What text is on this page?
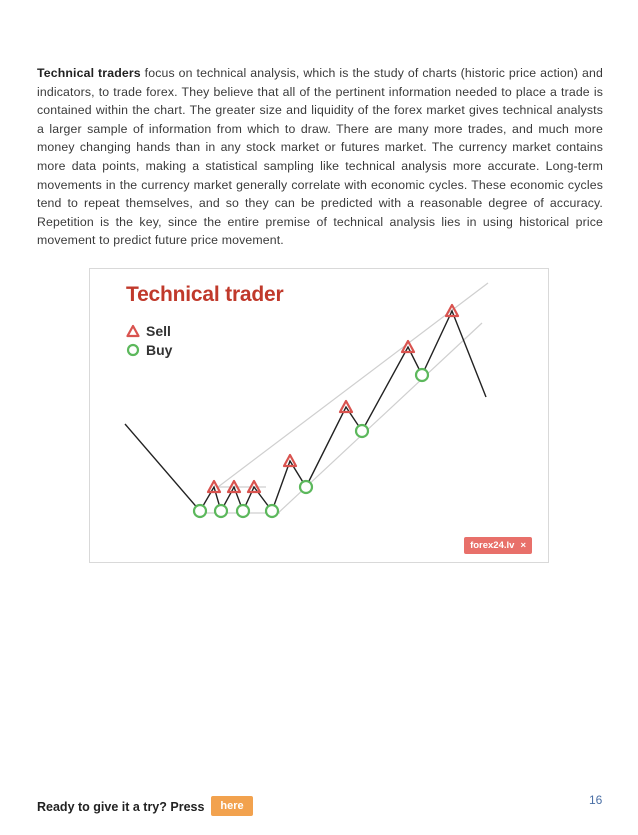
Technical traders focus on technical analysis, which is the study of charts (historic price action) and indicators, to trade forex. They believe that all of the pertinent information needed to place a trade is contained within the chart. The greater size and liquidity of the forex market gives technical analysts a larger sample of information from which to draw. There are many more trades, and much more money changing hands than in any stock market or futures market. The currency market contains more data points, making a statistical sampling like technical analysis more accurate. Long-term movements in the currency market generally correlate with economic cycles. These economic cycles tend to repeat themselves, and so they can be predicted with a reasonable degree of accuracy. Repetition is the key, since the entire premise of technical analysis lies in using historical price movement to predict future price movement.

Technical trader
Sell
Buy
forex24.lv ×
Ready to give it a try? Press	here	16
